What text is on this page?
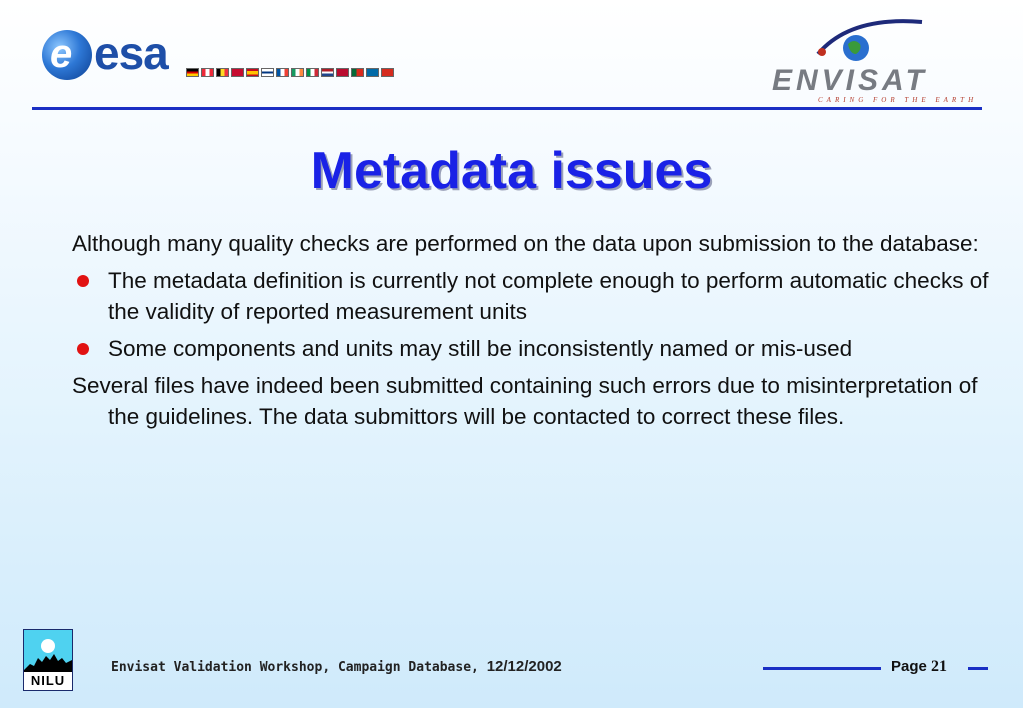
e esa
ENVISAT
CARING FOR THE EARTH
Metadata issues
Although many quality checks are performed on the data upon submission to the database:
The metadata definition is currently not complete enough to perform automatic checks of the validity of reported measurement units
Some components and units may still be inconsistently named or mis-used
Several files have indeed been submitted containing such errors due to misinterpretation of the guidelines. The data submittors will be contacted to correct these files.
NILU
Envisat Validation Workshop, Campaign Database, 12/12/2002	Page 21
